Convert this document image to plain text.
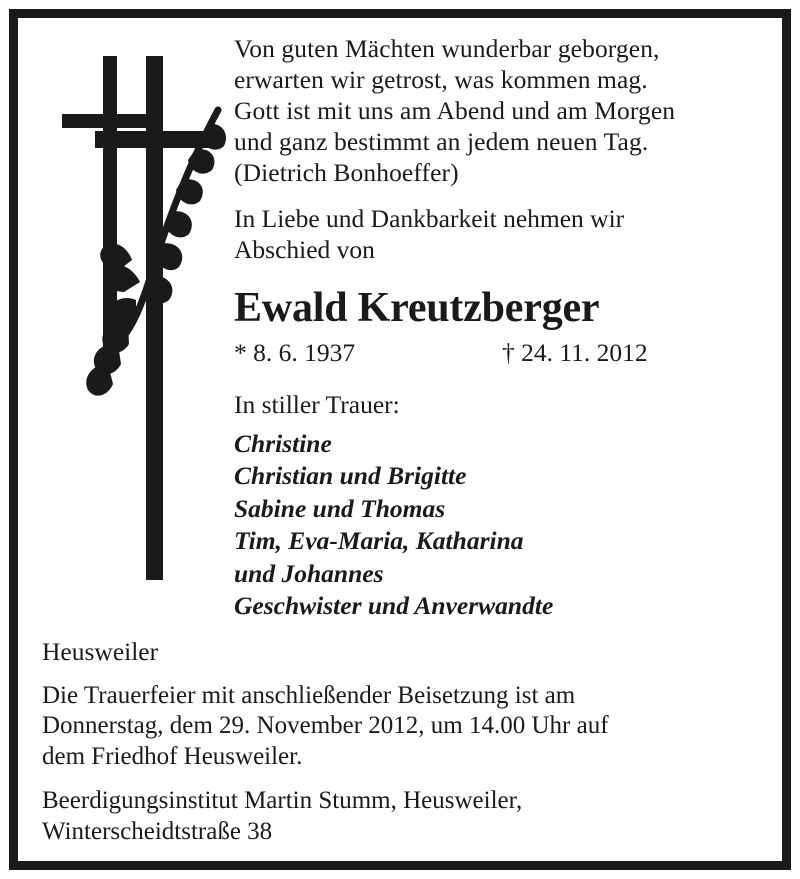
Von guten Mächten wunderbar geborgen,
erwarten wir getrost, was kommen mag.
Gott ist mit uns am Abend und am Morgen
und ganz bestimmt an jedem neuen Tag.
(Dietrich Bonhoeffer)
In Liebe und Dankbarkeit nehmen wir
Abschied von
Ewald Kreutzberger
* 8. 6. 1937	† 24. 11. 2012
In stiller Trauer:
Christine
Christian und Brigitte
Sabine und Thomas
Tim, Eva-Maria, Katharina
und Johannes
Geschwister und Anverwandte
Heusweiler
Die Trauerfeier mit anschließender Beisetzung ist am
Donnerstag, dem 29. November 2012, um 14.00 Uhr auf
dem Friedhof Heusweiler.
Beerdigungsinstitut Martin Stumm, Heusweiler,
Winterscheidtstraße 38
